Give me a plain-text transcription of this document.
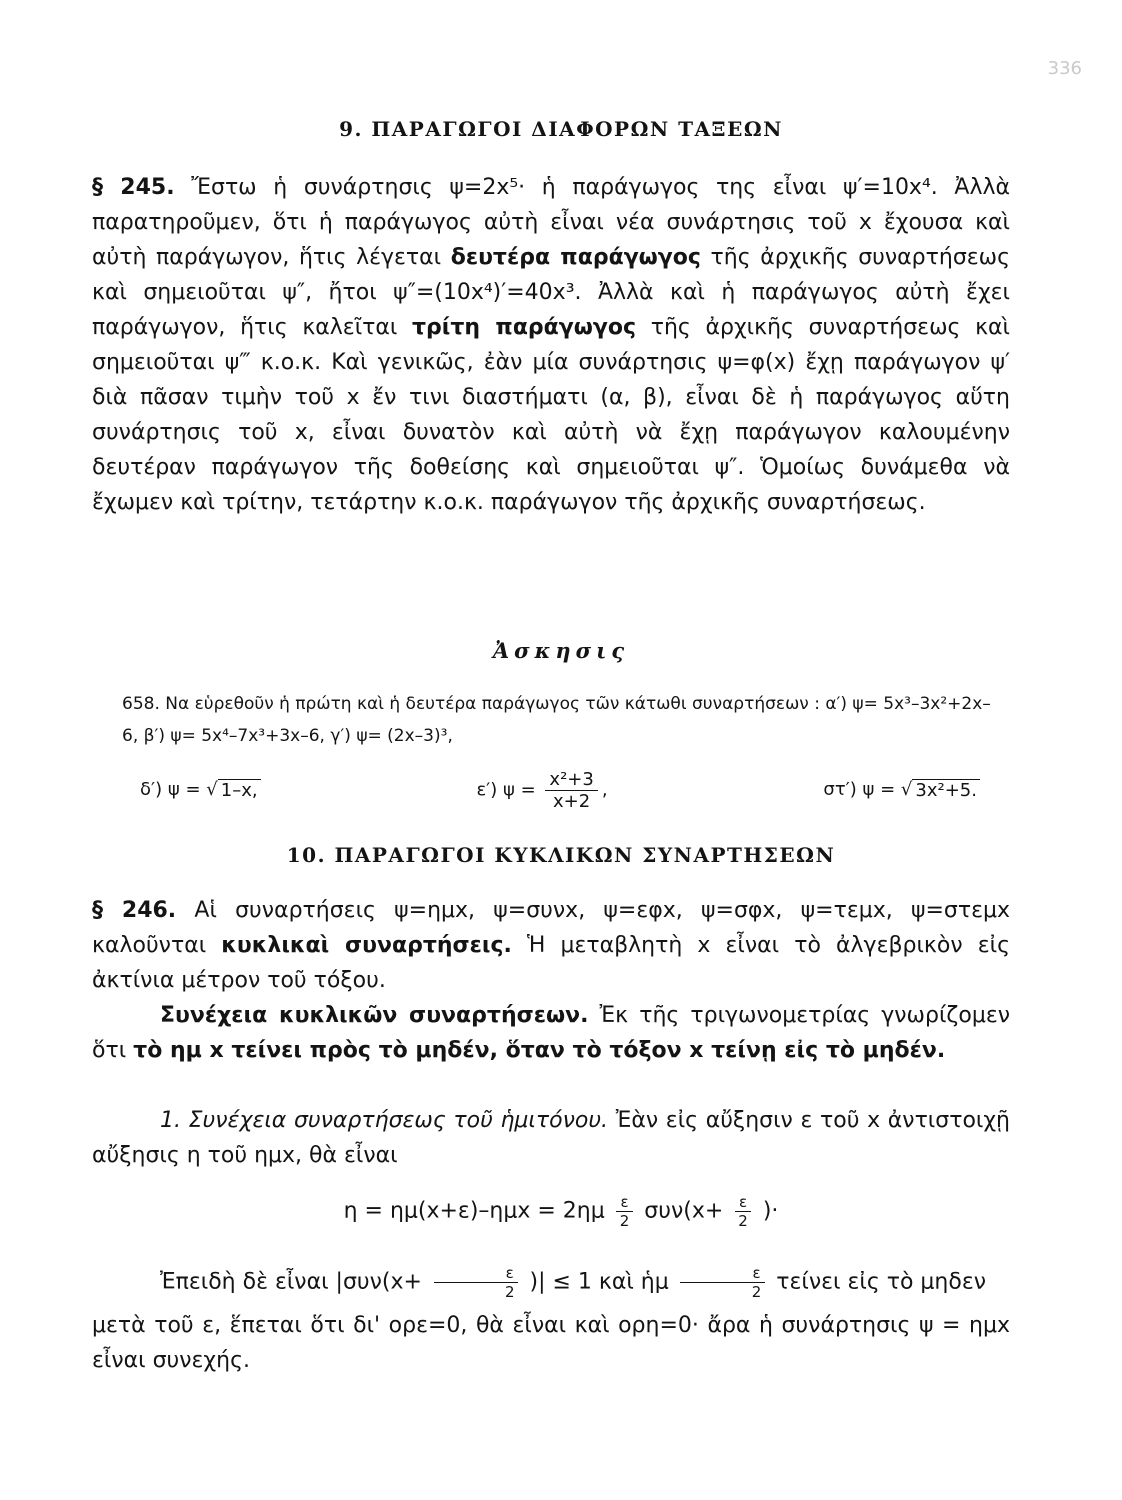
336
9. ΠΑΡΑΓΩΓΟΙ ΔΙΑΦΟΡΩΝ ΤΑΞΕΩΝ

§ 245. Ἔστω ἡ συνάρτησις ψ=2x⁵· ἡ παράγωγος της εἶναι ψ′=10x⁴. Ἀλλὰ παρατηροῦμεν, ὅτι ἡ παράγωγος αὐτὴ εἶναι νέα συνάρτησις τοῦ x ἔχουσα καὶ αὐτὴ παράγωγον, ἥτις λέγεται δευτέρα παράγωγος τῆς ἀρχικῆς συναρτήσεως καὶ σημειοῦται ψ″, ἤτοι ψ″=(10x⁴)′=40x³. Ἀλλὰ καὶ ἡ παράγωγος αὐτὴ ἔχει παράγωγον, ἥτις καλεῖται τρίτη παράγωγος τῆς ἀρχικῆς συναρτήσεως καὶ σημειοῦται ψ‴ κ.ο.κ. Καὶ γενικῶς, ἐὰν μία συνάρτησις ψ=φ(x) ἔχῃ παράγωγον ψ′ διὰ πᾶσαν τιμὴν τοῦ x ἔν τινι διαστήματι (α, β), εἶναι δὲ ἡ παράγωγος αὕτη συνάρτησις τοῦ x, εἶναι δυνατὸν καὶ αὐτὴ νὰ ἔχῃ παράγωγον καλουμένην δευτέραν παράγωγον τῆς δοθείσης καὶ σημειοῦται ψ″. Ὁμοίως δυνάμεθα νὰ ἔχωμεν καὶ τρίτην, τετάρτην κ.ο.κ. παράγωγον τῆς ἀρχικῆς συναρτήσεως.

Ἀσκησις

658. Να εὑρεθοῦν ἡ πρώτη καὶ ἡ δευτέρα παράγωγος τῶν κάτωθι συναρτήσεων : α′) ψ= 5x³–3x²+2x–6, β′) ψ= 5x⁴–7x³+3x–6, γ′) ψ= (2x–3)³,

δ′) ψ = √ 1–x,	ε′) $\psi = \frac{\text{x²+3}}{x+2}$ ,	στ′) ψ = √ 3x²+5.
10. ΠΑΡΑΓΩΓΟΙ ΚΥΚΛΙΚΩΝ ΣΥΝΑΡΤΗΣΕΩΝ

§ 246. Αἱ συναρτήσεις ψ=ημx, ψ=συνx, ψ=εφx, ψ=σφx, ψ=τεμx, ψ=στεμx καλοῦνται κυκλικαὶ συναρτήσεις. Ἡ μεταβλητὴ x εἶναι τὸ ἀλγεβρικὸν εἰς ἀκτίνια μέτρον τοῦ τόξου.

Συνέχεια κυκλικῶν συναρτήσεων. Ἐκ τῆς τριγωνομετρίας γνωρίζομεν ὅτι τὸ ημ x τείνει πρὸς τὸ μηδέν, ὅταν τὸ τόξον x τείνῃ εἰς τὸ μηδέν.

1. Συνέχεια συναρτήσεως τοῦ ἡμιτόνου. Ἐὰν εἰς αὔξησιν ε τοῦ x ἀντιστοιχῇ αὔξησις η τοῦ ημx, θὰ εἶναι

$\eta = \eta\mu(x+\varepsilon)-\eta\mu x = 2\eta\mu \frac{\varepsilon}{2} \sigma\upsilon\nu(x+ \frac{\varepsilon}{2}$ )·
Ἐπειδὴ δὲ εἶναι $|\sigma\upsilon\nu(x+ \frac{\varepsilon}{2}$ )| ≤ 1 καὶ ἡμ $\frac{\varepsilon}{2}$ τείνει εἰς τὸ μηδεν

μετὰ τοῦ ε, ἕπεται ὅτι δι' ορε=0, θὰ εἶναι καὶ ορη=0· ἄρα ἡ συνάρτησις ψ = ημx εἶναι συνεχής.
